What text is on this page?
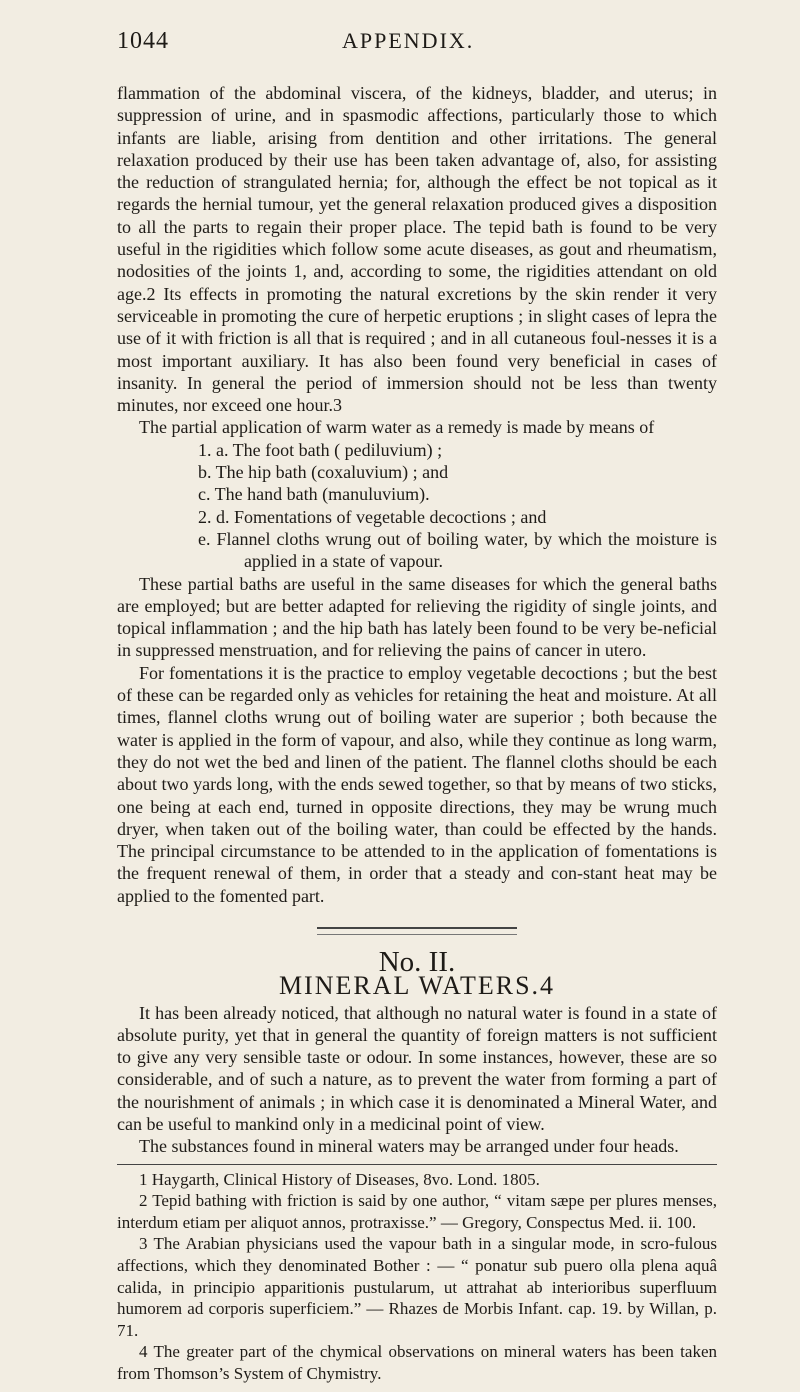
1044	APPENDIX.

flammation of the abdominal viscera, of the kidneys, bladder, and uterus; in suppression of urine, and in spasmodic affections, particularly those to which infants are liable, arising from dentition and other irritations. The general relaxation produced by their use has been taken advantage of, also, for assisting the reduction of strangulated hernia; for, although the effect be not topical as it regards the hernial tumour, yet the general relaxation produced gives a disposition to all the parts to regain their proper place. The tepid bath is found to be very useful in the rigidities which follow some acute diseases, as gout and rheumatism, nodosities of the joints 1, and, according to some, the rigidities attendant on old age.2 Its effects in promoting the natural excretions by the skin render it very serviceable in promoting the cure of herpetic eruptions ; in slight cases of lepra the use of it with friction is all that is required ; and in all cutaneous foul-nesses it is a most important auxiliary. It has also been found very beneficial in cases of insanity. In general the period of immersion should not be less than twenty minutes, nor exceed one hour.3

The partial application of warm water as a remedy is made by means of

1. a. The foot bath ( pediluvium) ;

b. The hip bath (coxaluvium) ; and

c. The hand bath (manuluvium).

2. d. Fomentations of vegetable decoctions ; and

e. Flannel cloths wrung out of boiling water, by which the moisture is applied in a state of vapour.

These partial baths are useful in the same diseases for which the general baths are employed; but are better adapted for relieving the rigidity of single joints, and topical inflammation ; and the hip bath has lately been found to be very be-neficial in suppressed menstruation, and for relieving the pains of cancer in utero.

For fomentations it is the practice to employ vegetable decoctions ; but the best of these can be regarded only as vehicles for retaining the heat and moisture. At all times, flannel cloths wrung out of boiling water are superior ; both because the water is applied in the form of vapour, and also, while they continue as long warm, they do not wet the bed and linen of the patient. The flannel cloths should be each about two yards long, with the ends sewed together, so that by means of two sticks, one being at each end, turned in opposite directions, they may be wrung much dryer, when taken out of the boiling water, than could be effected by the hands. The principal circumstance to be attended to in the application of fomentations is the frequent renewal of them, in order that a steady and con-stant heat may be applied to the fomented part.

No. II.
MINERAL WATERS.4

It has been already noticed, that although no natural water is found in a state of absolute purity, yet that in general the quantity of foreign matters is not sufficient to give any very sensible taste or odour. In some instances, however, these are so considerable, and of such a nature, as to prevent the water from forming a part of the nourishment of animals ; in which case it is denominated a Mineral Water, and can be useful to mankind only in a medicinal point of view.

The substances found in mineral waters may be arranged under four heads.

1 Haygarth, Clinical History of Diseases, 8vo. Lond. 1805.

2 Tepid bathing with friction is said by one author, “ vitam sæpe per plures menses, interdum etiam per aliquot annos, protraxisse.” — Gregory, Conspectus Med. ii. 100.

3 The Arabian physicians used the vapour bath in a singular mode, in scro-fulous affections, which they denominated Bother : — “ ponatur sub puero olla plena aquâ calida, in principio apparitionis pustularum, ut attrahat ab interioribus superfluum humorem ad corporis superficiem.” — Rhazes de Morbis Infant. cap. 19. by Willan, p. 71.

4 The greater part of the chymical observations on mineral waters has been taken from Thomson’s System of Chymistry.
